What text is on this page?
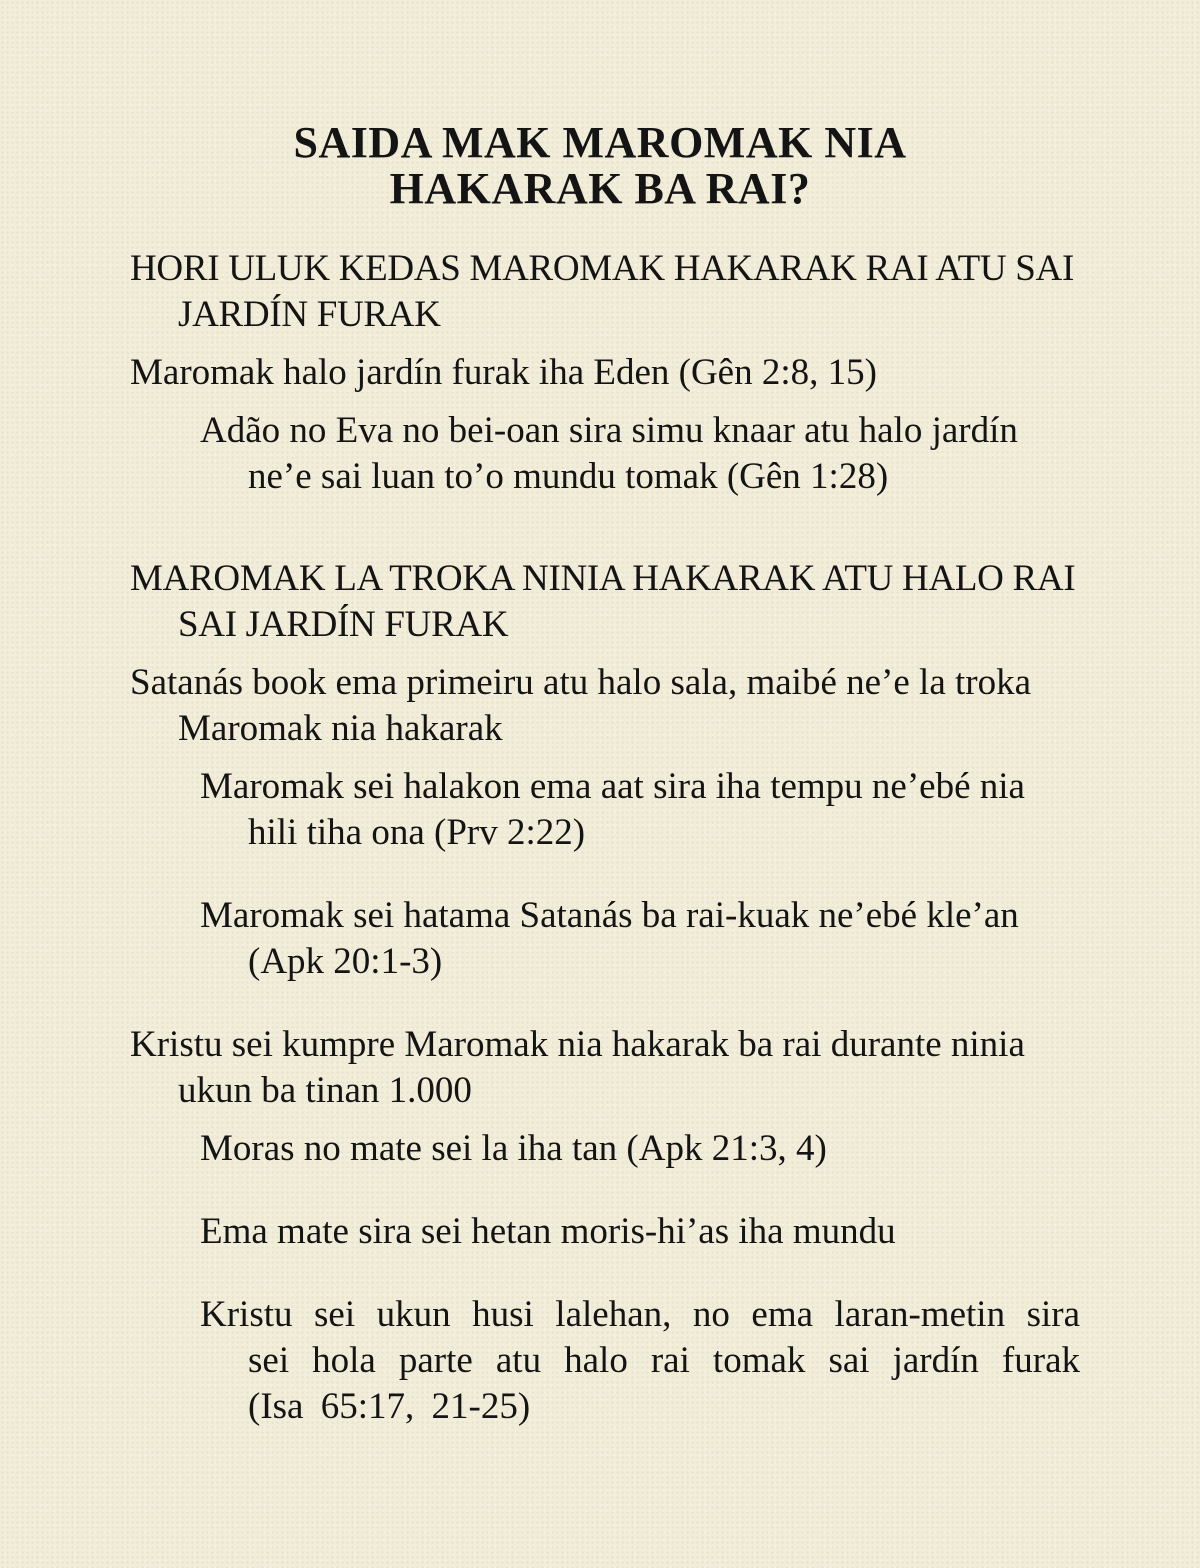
SAIDA MAK MAROMAK NIA
HAKARAK BA RAI?

HORI ULUK KEDAS MAROMAK HAKARAK RAI ATU SAI JARDÍN FURAK

Maromak halo jardín furak iha Eden (Gên 2:8, 15)

Adão no Eva no bei-oan sira simu knaar atu halo jardín ne’e sai luan to’o mundu tomak (Gên 1:28)

MAROMAK LA TROKA NINIA HAKARAK ATU HALO RAI SAI JARDÍN FURAK

Satanás book ema primeiru atu halo sala, maibé ne’e la troka Maromak nia hakarak

Maromak sei halakon ema aat sira iha tempu ne’ebé nia hili tiha ona (Prv 2:22)

Maromak sei hatama Satanás ba rai-kuak ne’ebé kle’an (Apk 20:1-3)

Kristu sei kumpre Maromak nia hakarak ba rai durante ninia ukun ba tinan 1.000

Moras no mate sei la iha tan (Apk 21:3, 4)

Ema mate sira sei hetan moris-hi’as iha mundu

Kristu sei ukun husi lalehan, no ema laran-metin sira sei hola parte atu halo rai tomak sai jardín furak (Isa 65:17, 21-25)
